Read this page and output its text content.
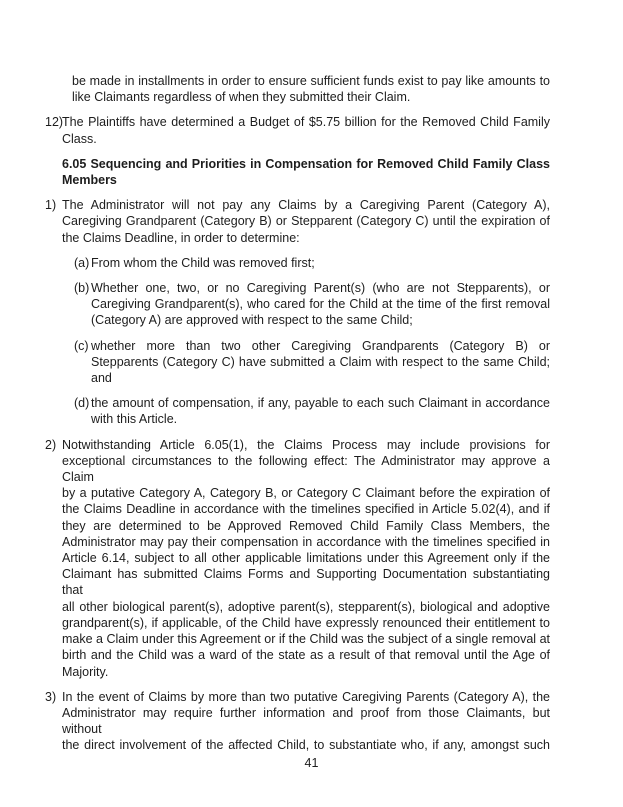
be made in installments in order to ensure sufficient funds exist to pay like amounts to
like Claimants regardless of when they submitted their Claim.
12)
The Plaintiffs have determined a Budget of $5.75 billion for the Removed Child Family
Class.
6.05 Sequencing and Priorities in Compensation for Removed Child Family Class
Members
1) The Administrator will not pay any Claims by a Caregiving Parent (Category A),
Caregiving Grandparent (Category B) or Stepparent (Category C) until the expiration of
the Claims Deadline, in order to determine:
(a) From whom the Child was removed first;
(b) Whether one, two, or no Caregiving Parent(s) (who are not Stepparents), or
Caregiving Grandparent(s), who cared for the Child at the time of the first removal
(Category A) are approved with respect to the same Child;
(c) whether more than two other Caregiving Grandparents (Category B) or
Stepparents (Category C) have submitted a Claim with respect to the same Child;
and
(d) the amount of compensation, if any, payable to each such Claimant in accordance
with this Article.
2) Notwithstanding Article 6.05(1), the Claims Process may include provisions for
exceptional circumstances to the following effect: The Administrator may approve a Claim
by a putative Category A, Category B, or Category C Claimant before the expiration of
the Claims Deadline in accordance with the timelines specified in Article 5.02(4), and if
they are determined to be Approved Removed Child Family Class Members, the
Administrator may pay their compensation in accordance with the timelines specified in
Article 6.14, subject to all other applicable limitations under this Agreement only if the
Claimant has submitted Claims Forms and Supporting Documentation substantiating that
all other biological parent(s), adoptive parent(s), stepparent(s), biological and adoptive
grandparent(s), if applicable, of the Child have expressly renounced their entitlement to
make a Claim under this Agreement or if the Child was the subject of a single removal at
birth and the Child was a ward of the state as a result of that removal until the Age of
Majority.
3) In the event of Claims by more than two putative Caregiving Parents (Category A), the
Administrator may require further information and proof from those Claimants, but without
the direct involvement of the affected Child, to substantiate who, if any, amongst such
41
